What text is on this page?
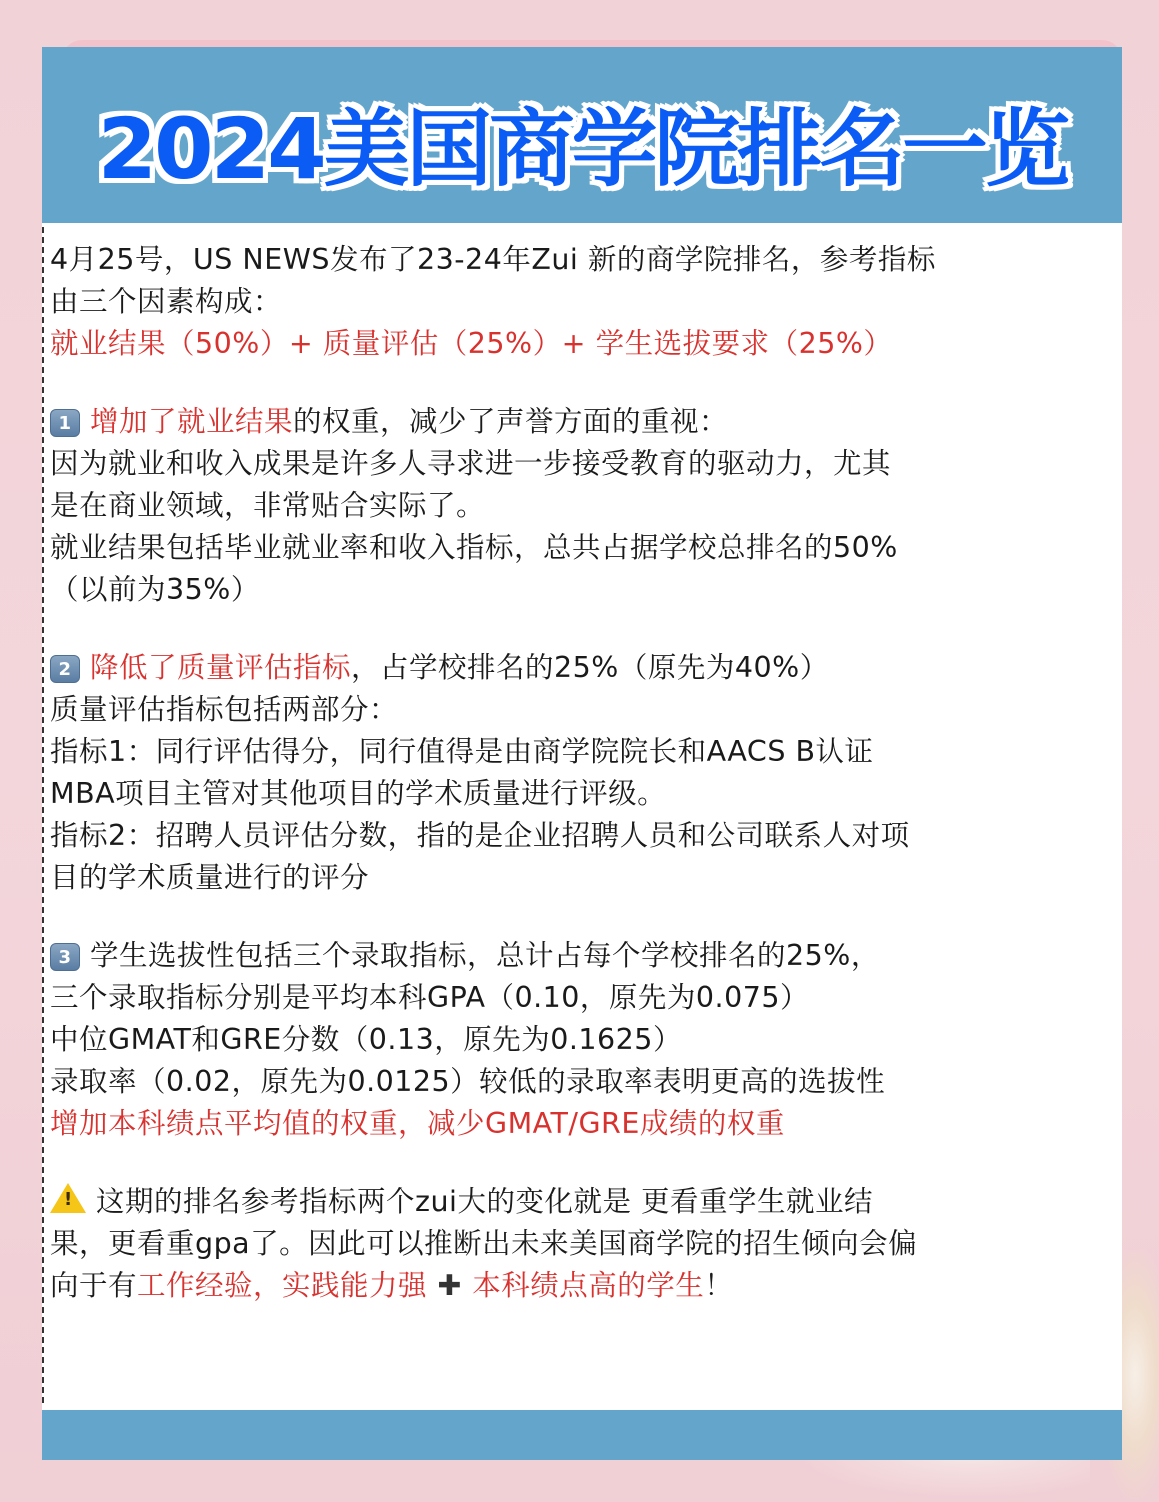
2024美国商学院排名一览
4月25号，US NEWS发布了23-24年Zui 新的商学院排名，参考指标
由三个因素构成：
就业结果（50%）+ 质量评估（25%）+ 学生选拔要求（25%）
1 增加了就业结果的权重，减少了声誉方面的重视：
因为就业和收入成果是许多人寻求进一步接受教育的驱动力，尤其
是在商业领域，非常贴合实际了。
就业结果包括毕业就业率和收入指标，总共占据学校总排名的50%
（以前为35%）
2 降低了质量评估指标，占学校排名的25%（原先为40%）
质量评估指标包括两部分：
指标1：同行评估得分，同行值得是由商学院院长和AACS B认证
MBA项目主管对其他项目的学术质量进行评级。
指标2：招聘人员评估分数，指的是企业招聘人员和公司联系人对项
目的学术质量进行的评分
3 学生选拔性包括三个录取指标，总计占每个学校排名的25%，
三个录取指标分别是平均本科GPA（0.10，原先为0.075）
中位GMAT和GRE分数（0.13，原先为0.1625）
录取率（0.02，原先为0.0125）较低的录取率表明更高的选拔性
增加本科绩点平均值的权重，减少GMAT/GRE成绩的权重
! 这期的排名参考指标两个zui大的变化就是 更看重学生就业结
果，更看重gpa了。因此可以推断出未来美国商学院的招生倾向会偏
向于有工作经验，实践能力强 ✚ 本科绩点高的学生！
